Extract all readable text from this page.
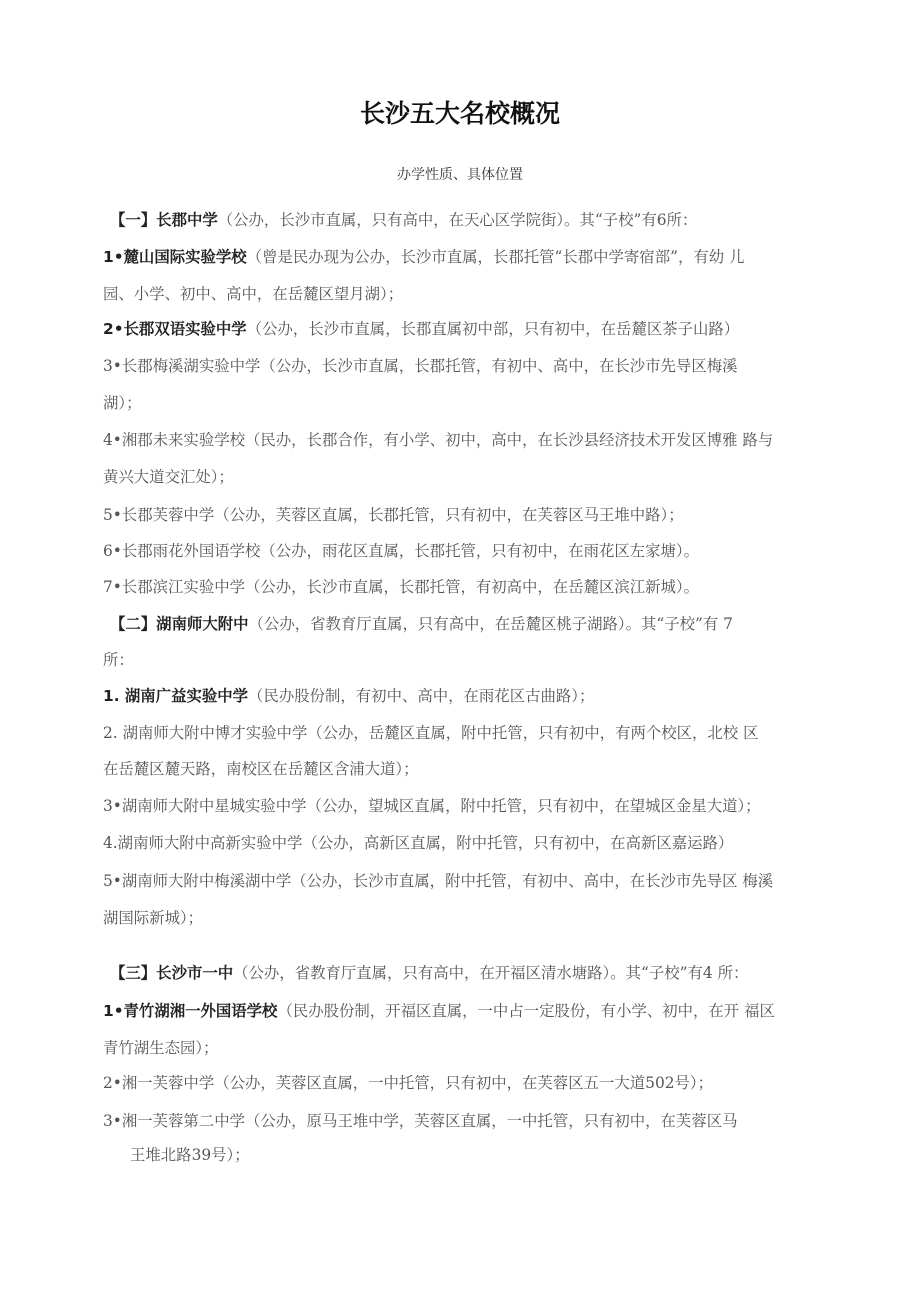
长沙五大名校概况
办学性质、具体位置
【一】长郡中学（公办，长沙市直属，只有高中，在天心区学院街）。其“子校”有6所：
1•麓山国际实验学校（曾是民办现为公办，长沙市直属，长郡托管“长郡中学寄宿部”，有幼 儿
园、小学、初中、高中，在岳麓区望月湖）；
2•长郡双语实验中学（公办，长沙市直属，长郡直属初中部，只有初中，在岳麓区茶子山路）
3•长郡梅溪湖实验中学（公办，长沙市直属，长郡托管，有初中、高中，在长沙市先导区梅溪
湖）；
4•湘郡未来实验学校（民办，长郡合作，有小学、初中，高中，在长沙县经济技术开发区博雅 路与
黄兴大道交汇处）；
5•长郡芙蓉中学（公办，芙蓉区直属，长郡托管，只有初中，在芙蓉区马王堆中路）；
6•长郡雨花外国语学校（公办，雨花区直属，长郡托管，只有初中，在雨花区左家塘）。
7•长郡滨江实验中学（公办，长沙市直属，长郡托管，有初高中，在岳麓区滨江新城）。
【二】湖南师大附中（公办，省教育厅直属，只有高中，在岳麓区桃子湖路）。其“子校”有 7
所：
1. 湖南广益实验中学（民办股份制，有初中、高中，在雨花区古曲路）；
2. 湖南师大附中博才实验中学（公办，岳麓区直属，附中托管，只有初中，有两个校区，北校 区
在岳麓区麓天路，南校区在岳麓区含浦大道）；
3•湖南师大附中星城实验中学（公办，望城区直属，附中托管，只有初中，在望城区金星大道）；
4.湖南师大附中高新实验中学（公办，高新区直属，附中托管，只有初中，在高新区嘉运路）
5•湖南师大附中梅溪湖中学（公办，长沙市直属，附中托管，有初中、高中，在长沙市先导区 梅溪
湖国际新城）；
【三】长沙市一中（公办，省教育厅直属，只有高中，在开福区清水塘路）。其“子校”有4 所：
1•青竹湖湘一外国语学校（民办股份制，开福区直属，一中占一定股份，有小学、初中，在开 福区
青竹湖生态园）；
2•湘一芙蓉中学（公办，芙蓉区直属，一中托管，只有初中，在芙蓉区五一大道502号）；
3•湘一芙蓉第二中学（公办，原马王堆中学，芙蓉区直属，一中托管，只有初中，在芙蓉区马
王堆北路39号）；
